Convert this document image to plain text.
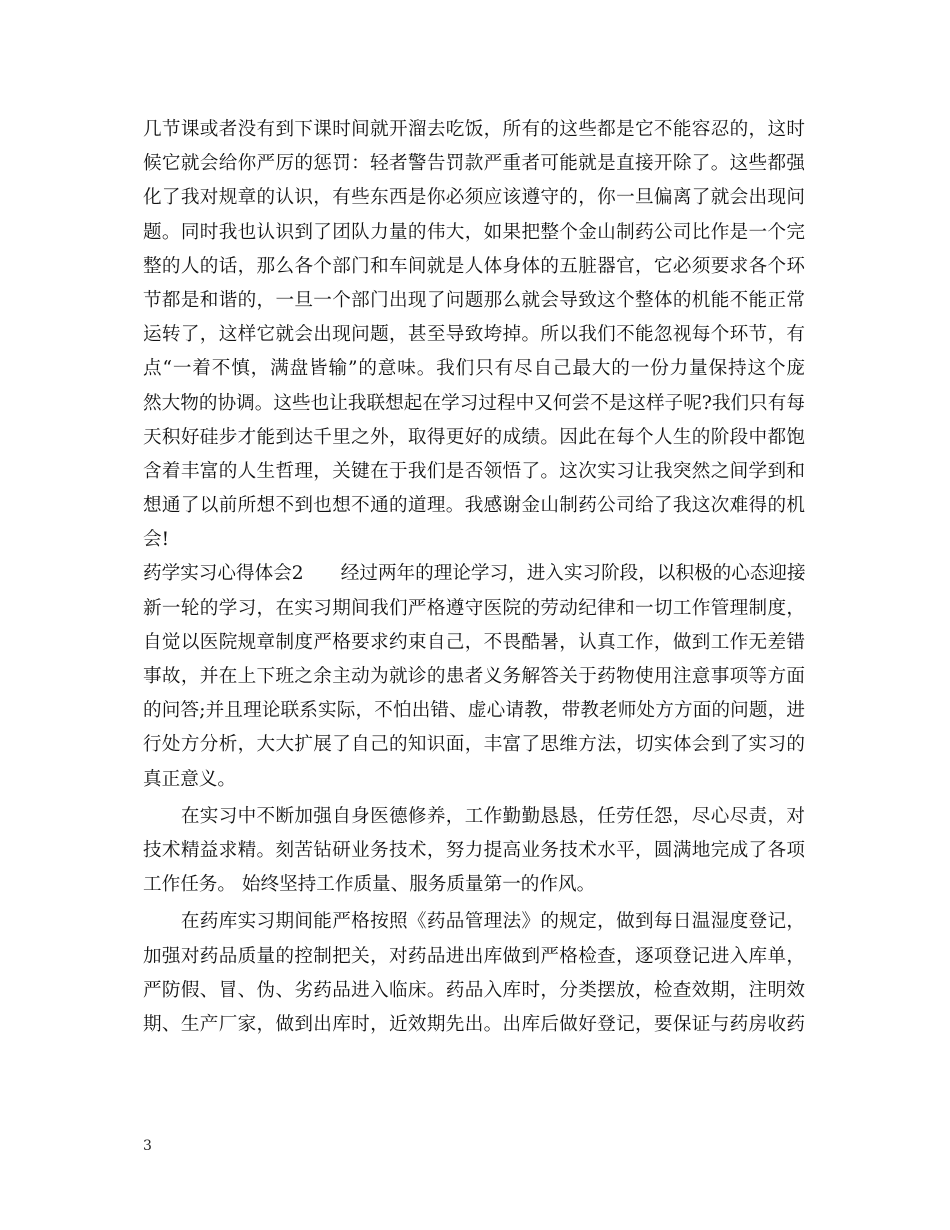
几节课或者没有到下课时间就开溜去吃饭，所有的这些都是它不能容忍的，这时
候它就会给你严厉的惩罚：轻者警告罚款严重者可能就是直接开除了。这些都强
化了我对规章的认识，有些东西是你必须应该遵守的，你一旦偏离了就会出现问
题。同时我也认识到了团队力量的伟大，如果把整个金山制药公司比作是一个完
整的人的话，那么各个部门和车间就是人体身体的五脏器官，它必须要求各个环
节都是和谐的，一旦一个部门出现了问题那么就会导致这个整体的机能不能正常
运转了，这样它就会出现问题，甚至导致垮掉。所以我们不能忽视每个环节，有
点“一着不慎，满盘皆输”的意味。我们只有尽自己最大的一份力量保持这个庞
然大物的协调。这些也让我联想起在学习过程中又何尝不是这样子呢?我们只有每
天积好硅步才能到达千里之外，取得更好的成绩。因此在每个人生的阶段中都饱
含着丰富的人生哲理，关键在于我们是否领悟了。这次实习让我突然之间学到和
想通了以前所想不到也想不通的道理。我感谢金山制药公司给了我这次难得的机
会!
药学实习心得体会2　　经过两年的理论学习，进入实习阶段，以积极的心态迎接
新一轮的学习，在实习期间我们严格遵守医院的劳动纪律和一切工作管理制度，
自觉以医院规章制度严格要求约束自己，不畏酷暑，认真工作，做到工作无差错
事故，并在上下班之余主动为就诊的患者义务解答关于药物使用注意事项等方面
的问答;并且理论联系实际，不怕出错、虚心请教，带教老师处方方面的问题，进
行处方分析，大大扩展了自己的知识面，丰富了思维方法，切实体会到了实习的
真正意义。
　　在实习中不断加强自身医德修养，工作勤勤恳恳，任劳任怨，尽心尽责，对
技术精益求精。刻苦钻研业务技术，努力提高业务技术水平，圆满地完成了各项
工作任务。 始终坚持工作质量、服务质量第一的作风。
　　在药库实习期间能严格按照《药品管理法》的规定，做到每日温湿度登记，
加强对药品质量的控制把关，对药品进出库做到严格检查，逐项登记进入库单，
严防假、冒、伪、劣药品进入临床。药品入库时，分类摆放，检查效期，注明效
期、生产厂家，做到出库时，近效期先出。出库后做好登记，要保证与药房收药
3
